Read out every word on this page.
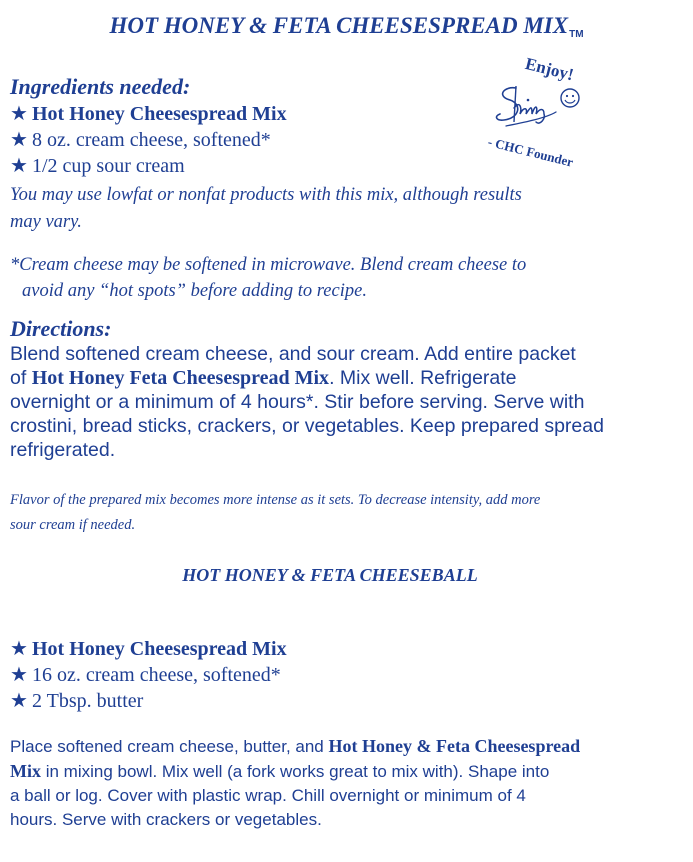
HOT HONEY & FETA CHEESESPREAD MIXTM
Enjoy!
- CHC Founder
Ingredients needed:
★ Hot Honey Cheesespread Mix
★ 8 oz. cream cheese, softened*
★ 1/2 cup sour cream
You may use lowfat or nonfat products with this mix, although results
may vary.
*Cream cheese may be softened in microwave. Blend cream cheese to
avoid any “hot spots” before adding to recipe.
Directions:
Blend softened cream cheese, and sour cream. Add entire packet
of Hot Honey Feta Cheesespread Mix. Mix well. Refrigerate
overnight or a minimum of 4 hours*. Stir before serving. Serve with
crostini, bread sticks, crackers, or vegetables. Keep prepared spread
refrigerated.
Flavor of the prepared mix becomes more intense as it sets. To decrease intensity, add more
sour cream if needed.
HOT HONEY & FETA CHEESEBALL
★ Hot Honey Cheesespread Mix
★ 16 oz. cream cheese, softened*
★ 2 Tbsp. butter
Place softened cream cheese, butter, and Hot Honey & Feta Cheesespread
Mix in mixing bowl. Mix well (a fork works great to mix with). Shape into
a ball or log. Cover with plastic wrap. Chill overnight or minimum of 4
hours. Serve with crackers or vegetables.
